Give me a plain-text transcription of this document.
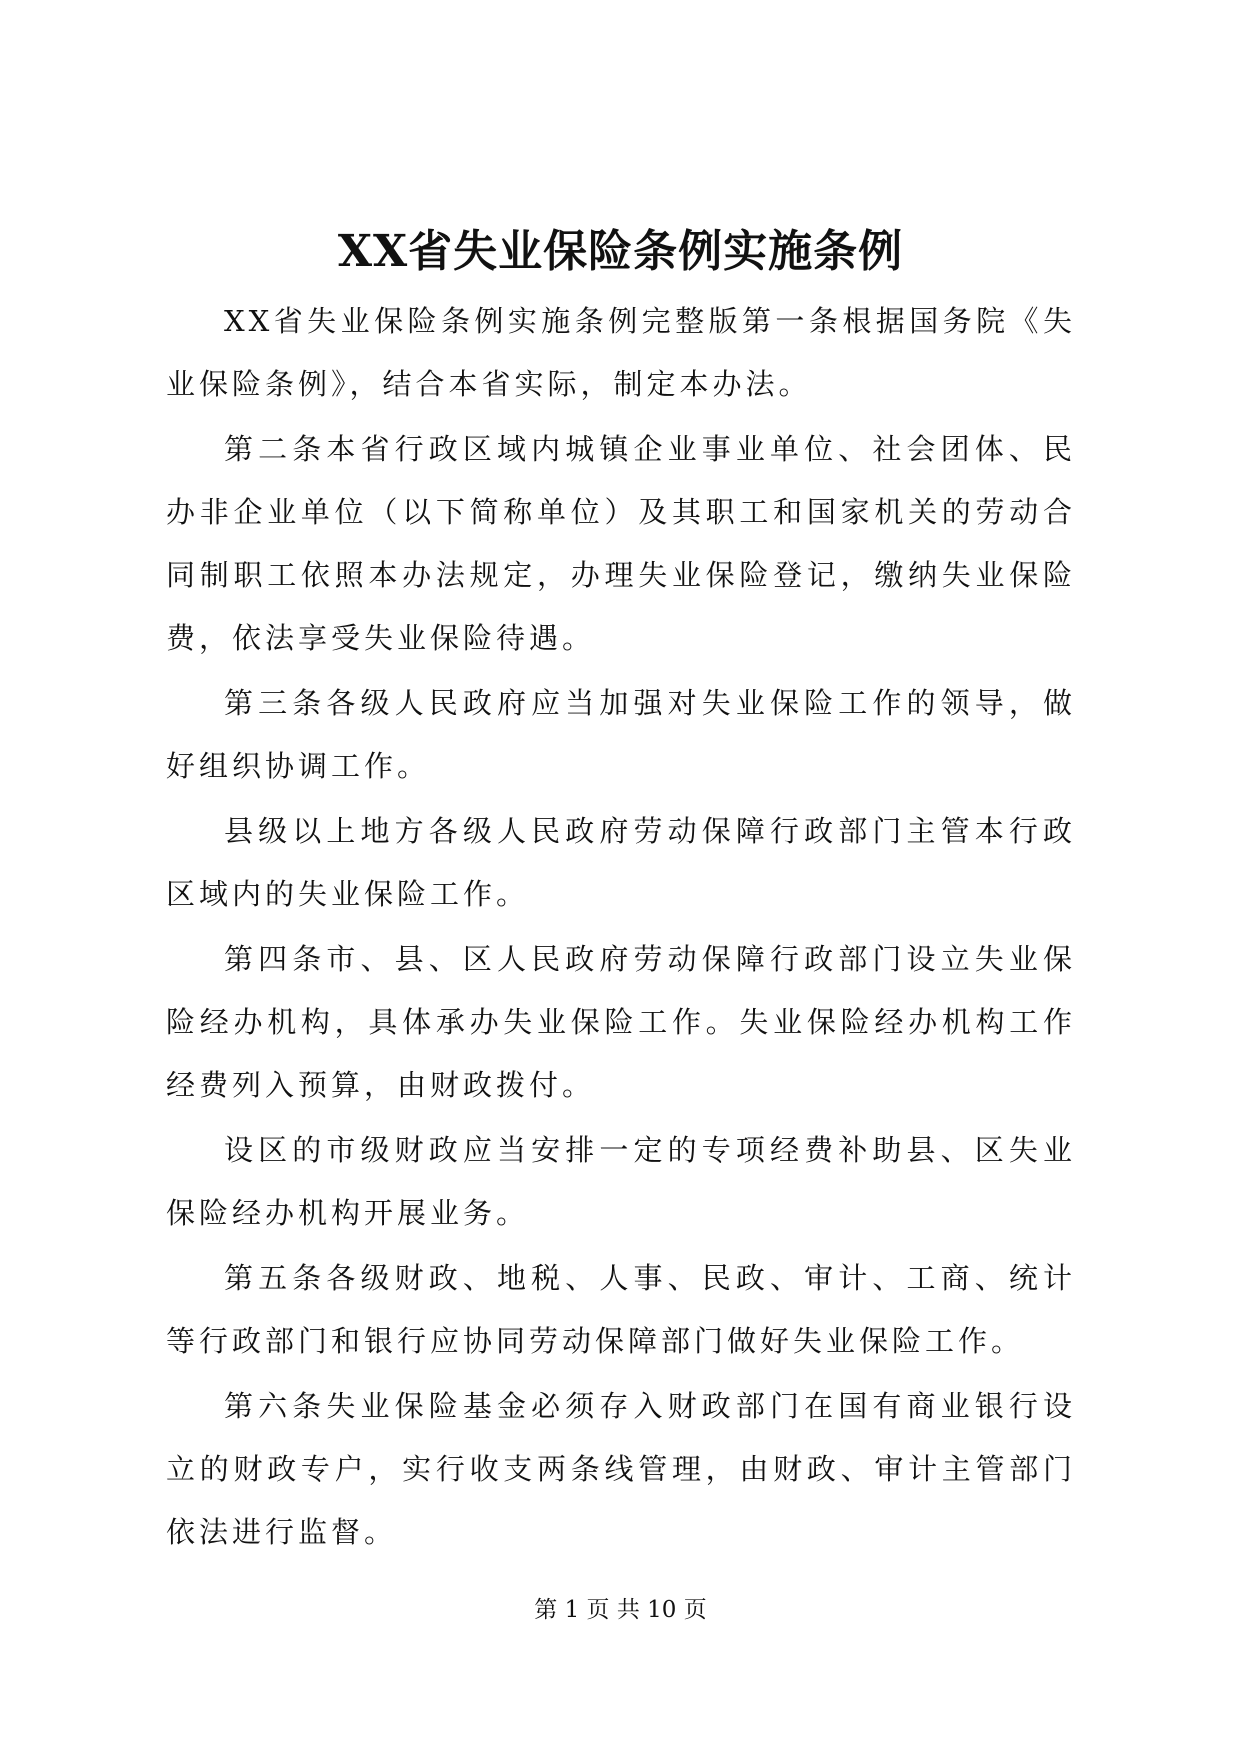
XX省失业保险条例实施条例

XX省失业保险条例实施条例完整版第一条根据国务院《失业保险条例》，结合本省实际，制定本办法。

第二条本省行政区域内城镇企业事业单位、社会团体、民办非企业单位（以下简称单位）及其职工和国家机关的劳动合同制职工依照本办法规定，办理失业保险登记，缴纳失业保险费，依法享受失业保险待遇。

第三条各级人民政府应当加强对失业保险工作的领导，做好组织协调工作。

县级以上地方各级人民政府劳动保障行政部门主管本行政区域内的失业保险工作。

第四条市、县、区人民政府劳动保障行政部门设立失业保险经办机构，具体承办失业保险工作。失业保险经办机构工作经费列入预算，由财政拨付。

设区的市级财政应当安排一定的专项经费补助县、区失业保险经办机构开展业务。

第五条各级财政、地税、人事、民政、审计、工商、统计等行政部门和银行应协同劳动保障部门做好失业保险工作。

第六条失业保险基金必须存入财政部门在国有商业银行设立的财政专户，实行收支两条线管理，由财政、审计主管部门依法进行监督。

第 1 页 共 10 页
